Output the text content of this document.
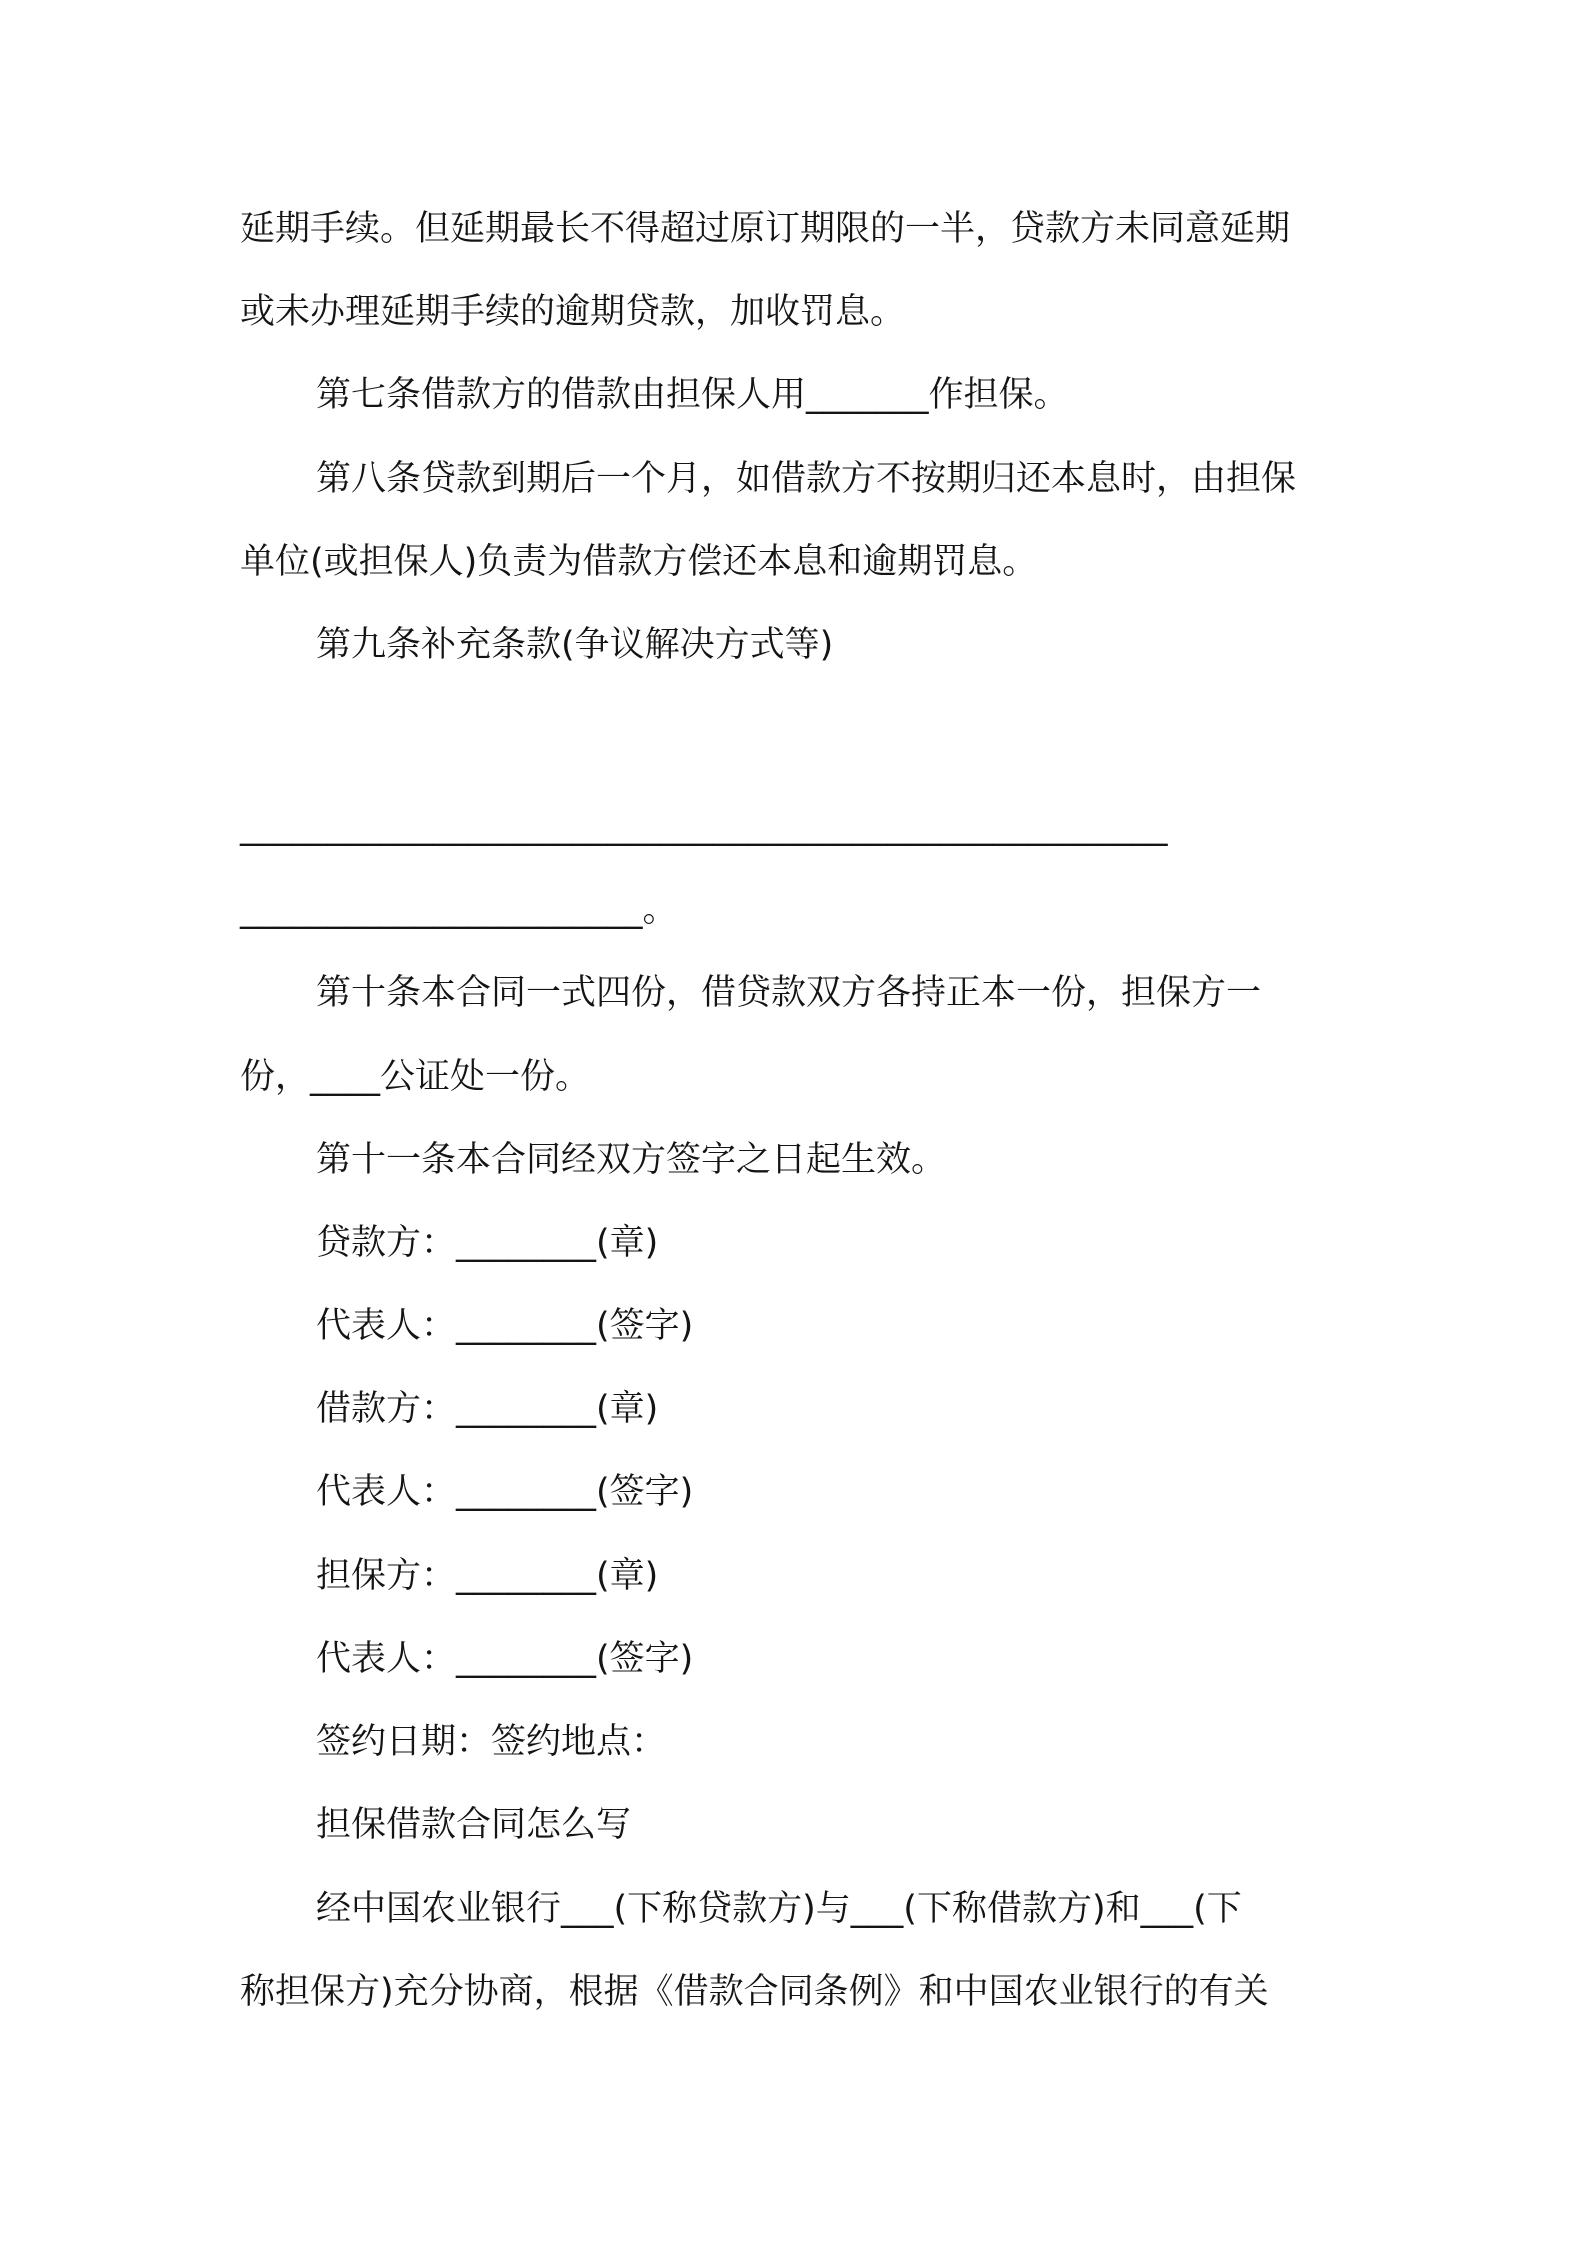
延期手续。但延期最长不得超过原订期限的一半，贷款方未同意延期

或未办理延期手续的逾期贷款，加收罚息。

第七条借款方的借款由担保人用_______作担保。

第八条贷款到期后一个月，如借款方不按期归还本息时，由担保

单位(或担保人)负责为借款方偿还本息和逾期罚息。

第九条补充条款(争议解决方式等)

_____________________________________________________

_______________________。

第十条本合同一式四份，借贷款双方各持正本一份，担保方一

份，____公证处一份。

第十一条本合同经双方签字之日起生效。

贷款方：________(章)
代表人：________(签字)
借款方：________(章)
代表人：________(签字)
担保方：________(章)
代表人：________(签字)

签约日期：签约地点：

担保借款合同怎么写

经中国农业银行___(下称贷款方)与___(下称借款方)和___(下

称担保方)充分协商，根据《借款合同条例》和中国农业银行的有关
